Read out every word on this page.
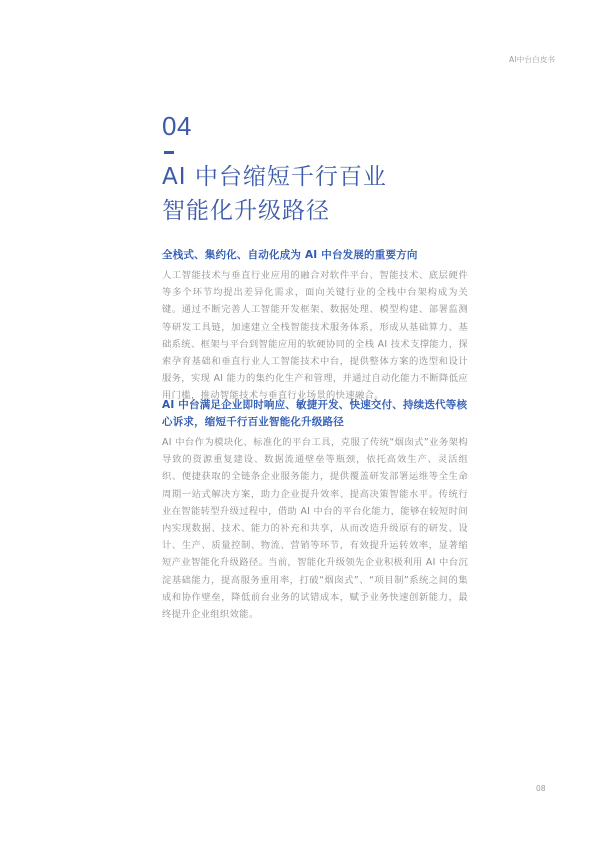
AI中台白皮书
04
AI 中台缩短千行百业
智能化升级路径

全栈式、集约化、自动化成为 AI 中台发展的重要方向

人工智能技术与垂直行业应用的融合对软件平台、智能技术、底层硬件等多个环节均提出差异化需求，面向关键行业的全栈中台架构成为关键。通过不断完善人工智能开发框架、数据处理、模型构建、部署监测等研发工具链，加速建立全栈智能技术服务体系，形成从基础算力、基础系统、框架与平台到智能应用的软硬协同的全栈 AI 技术支撑能力，探索孕育基础和垂直行业人工智能技术中台，提供整体方案的选型和设计服务，实现 AI 能力的集约化生产和管理，并通过自动化能力不断降低应用门槛，推动智能技术与垂直行业场景的快速融合。

AI 中台满足企业即时响应、敏捷开发、快速交付、持续迭代等核心诉求，缩短千行百业智能化升级路径

AI 中台作为模块化、标准化的平台工具，克服了传统“烟囱式”业务架构导致的资源重复建设、数据流通壁垒等瓶颈，依托高效生产、灵活组织、便捷获取的全链条企业服务能力，提供覆盖研发部署运维等全生命周期一站式解决方案，助力企业提升效率、提高决策智能水平。传统行业在智能转型升级过程中，借助 AI 中台的平台化能力，能够在较短时间内实现数据、技术、能力的补充和共享，从而改造升级原有的研发、设计、生产、质量控制、物流、营销等环节，有效提升运转效率，显著缩短产业智能化升级路径。当前，智能化升级领先企业积极利用 AI 中台沉淀基础能力，提高服务重用率，打破“烟囱式”、“项目制”系统之间的集成和协作壁垒，降低前台业务的试错成本，赋予业务快速创新能力，最终提升企业组织效能。

08
